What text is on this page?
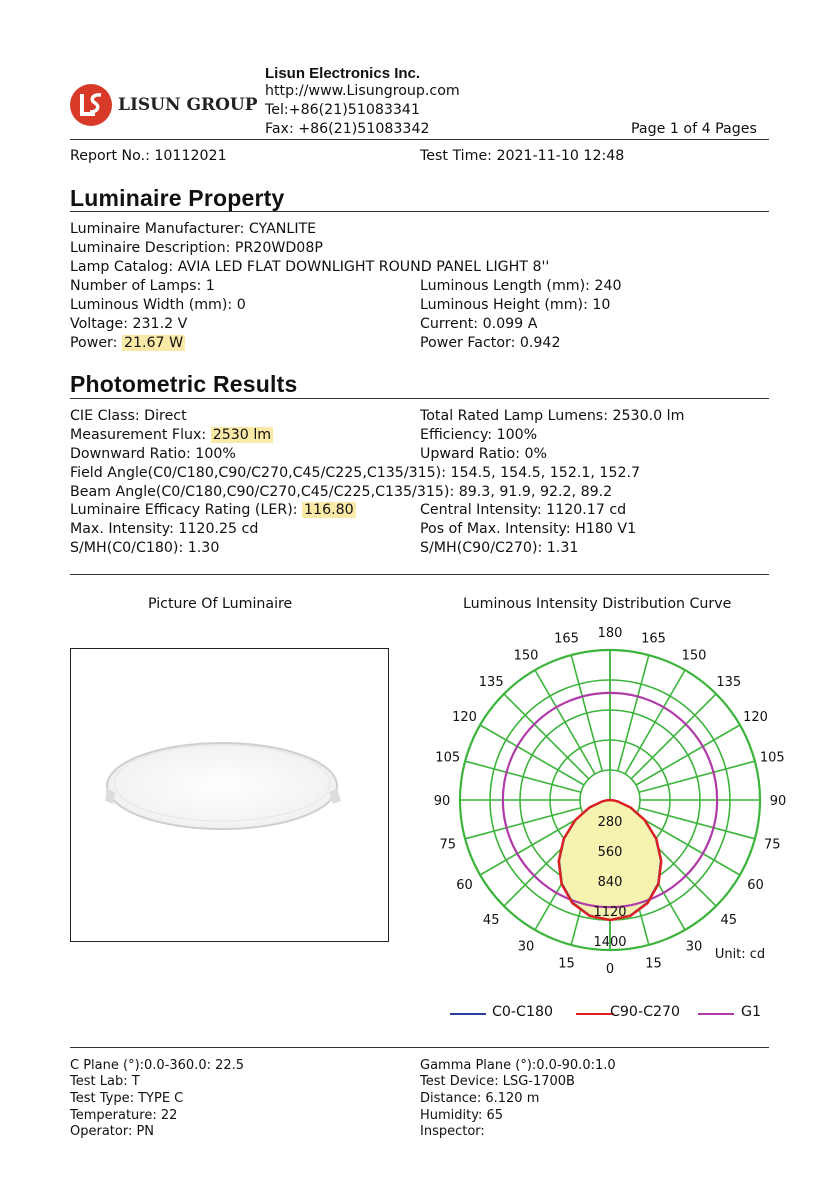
LISUN GROUP
Lisun Electronics Inc.
http://www.Lisungroup.com
Tel:+86(21)51083341
Fax: +86(21)51083342	Page 1 of 4 Pages
Report No.: 10112021	Test Time: 2021-11-10 12:48
Luminaire Property
Luminaire Manufacturer: CYANLITE
Luminaire Description: PR20WD08P
Lamp Catalog: AVIA LED FLAT DOWNLIGHT ROUND PANEL LIGHT 8''
Number of Lamps: 1	Luminous Length (mm): 240
Luminous Width (mm): 0	Luminous Height (mm): 10
Voltage: 231.2 V	Current: 0.099 A
Power: 21.67 W	Power Factor: 0.942
Photometric Results
CIE Class: Direct	Total Rated Lamp Lumens: 2530.0 lm
Measurement Flux: 2530 lm	Efficiency: 100%
Downward Ratio: 100%	Upward Ratio: 0%
Field Angle(C0/C180,C90/C270,C45/C225,C135/315): 154.5, 154.5, 152.1, 152.7
Beam Angle(C0/C180,C90/C270,C45/C225,C135/315): 89.3, 91.9, 92.2, 89.2
Luminaire Efficacy Rating (LER): 116.80	Central Intensity: 1120.17 cd
Max. Intensity: 1120.25 cd	Pos of Max. Intensity: H180 V1
S/MH(C0/C180): 1.30	S/MH(C90/C270): 1.31
Picture Of Luminaire	Luminous Intensity Distribution Curve
280
560
840
1120
1400
180
165	165
150	150
135	135
120	120
105	105
90	90
75	75
60	60
45	45
30	30
15	15
0
Unit: cd
C0-C180	C90-C270	G1
C Plane (°):0.0-360.0: 22.5	Gamma Plane (°):0.0-90.0:1.0
Test Lab: T	Test Device: LSG-1700B
Test Type: TYPE C	Distance: 6.120 m
Temperature: 22	Humidity: 65
Operator: PN	Inspector:
